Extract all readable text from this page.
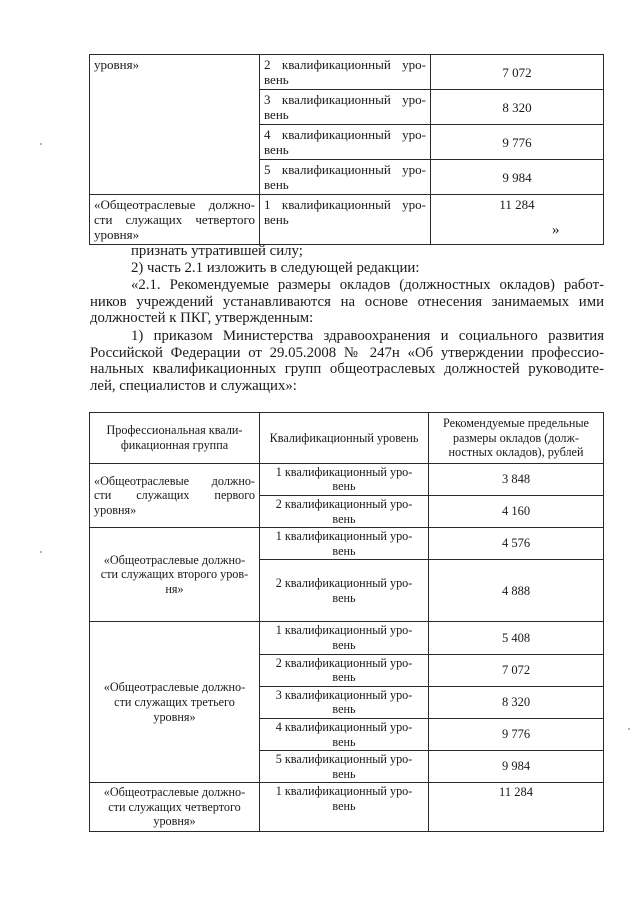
уровня»	2 квалификационный уро-
вень	7 072
	3 квалификационный уро-
вень	8 320
	4 квалификационный уро-
вень	9 776
	5 квалификационный уро-
вень	9 984

«Общеотраслевые должно-
сти служащих четвертого
уровня»	1 квалификационный уро-
вень	11 284
»
признать утратившей силу;
2) часть 2.1 изложить в следующей редакции:
«2.1. Рекомендуемые размеры окладов (должностных окладов) работ-
ников учреждений устанавливаются на основе отнесения занимаемых ими
должностей к ПКГ, утвержденным:
1) приказом Министерства здравоохранения и социального развития
Российской Федерации от 29.05.2008 № 247н «Об утверждении профессио-
нальных квалификационных групп общеотраслевых должностей руководите-
лей, специалистов и служащих»:
Профессиональная квали-
фикационная группа	Квалификационный уровень	Рекомендуемые предельные
размеры окладов (долж-
ностных окладов), рублей

«Общеотраслевые должно-
сти служащих первого
уровня»	1 квалификационный уро-
вень	3 848

	2 квалификационный уро-
вень	4 160

«Общеотраслевые должно-
сти служащих второго уров-
ня»	1 квалификационный уро-
вень	4 576

	2 квалификационный уро-
вень	4 888

«Общеотраслевые должно-
сти служащих третьего
уровня»	1 квалификационный уро-
вень	5 408

	2 квалификационный уро-
вень	7 072

	3 квалификационный уро-
вень	8 320

	4 квалификационный уро-
вень	9 776

	5 квалификационный уро-
вень	9 984

«Общеотраслевые должно-
сти служащих четвертого
уровня»	1 квалификационный уро-
вень	11 284
